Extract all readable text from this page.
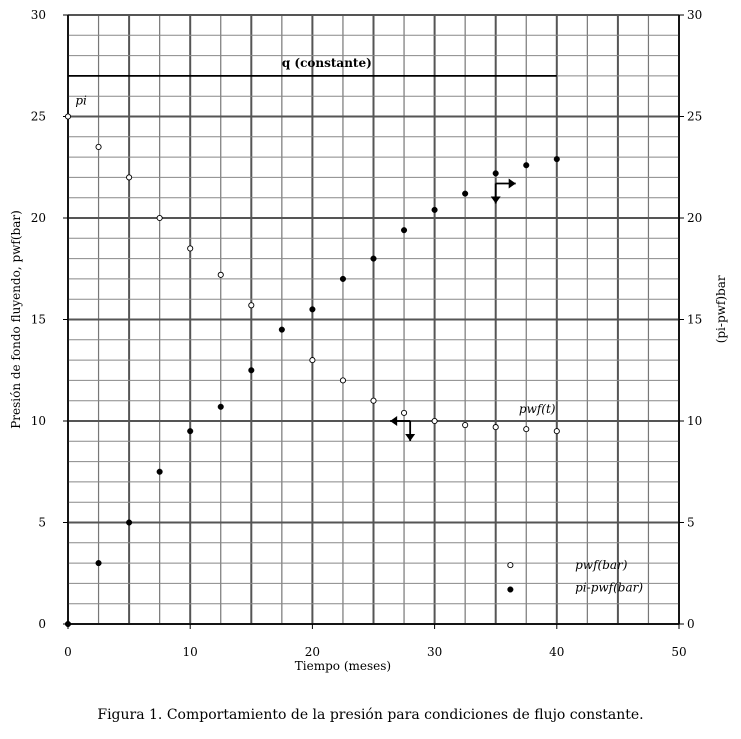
0	10	20	30	40	50
0	0
5	5
10	10
15	15
20	20
25	25
30	30
Tiempo (meses)
Presión de fondo fluyendo, pwf(bar)	(pi-pwf)bar
q (constante)
pwf(bar)
pi-pwf(bar)
pi
pwf(t)
Figura 1. Comportamiento de la presión para condiciones de flujo constante.
